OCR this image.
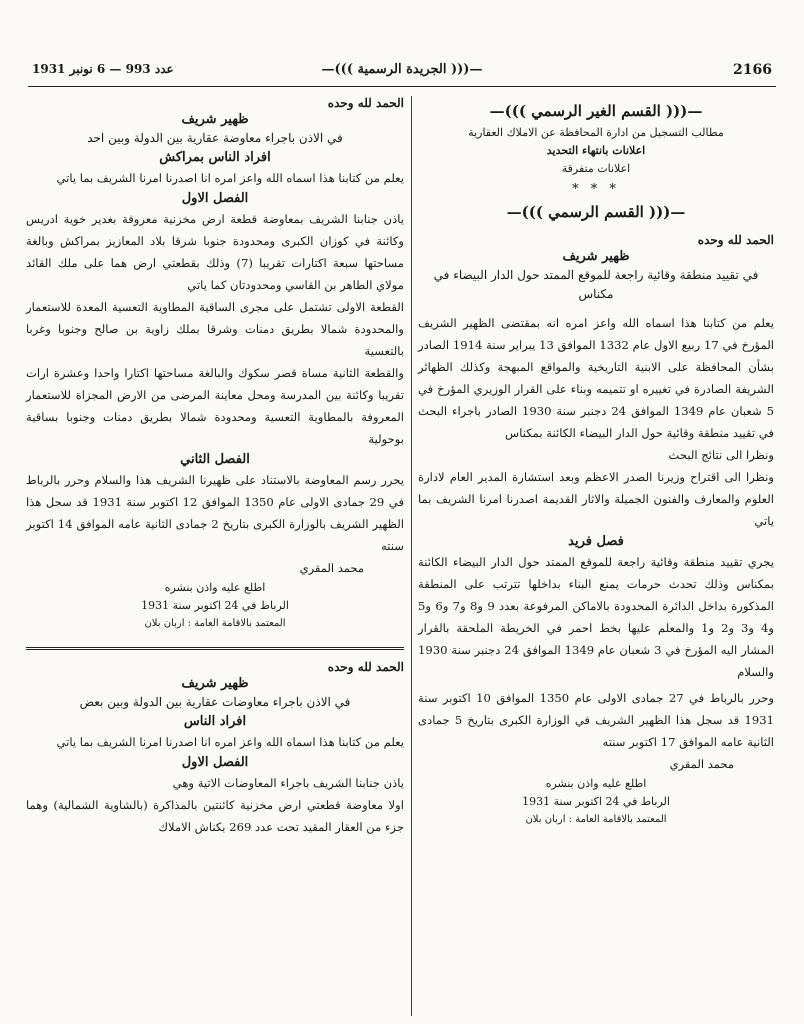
عدد 993 — 6 نونبر 1931	—((( الجريدة الرسمية )))—	2166
—((( القسم الغير الرسمي )))—
مطالب التسجيل من ادارة المحافظة عن الاملاك العقارية
اعلانات بانتهاء التحديد
اعلانات متفرقة
* * *
—((( القسم الرسمي )))—
الحمد لله وحده
ظهير شريف
في تقييد منطقة وقائية راجعة للموقع الممتد حول الدار البيضاء في مكناس

يعلم من كتابنا هذا اسماه الله واعز امره انه بمقتضى الظهير الشريف المؤرخ في 17 ربيع الاول عام 1332 الموافق 13 يبراير سنة 1914 الصادر بشأن المحافظة على الابنية التاريخية والمواقع المبهجة وكذلك الظهائر الشريفة الصادرة في تغييره او تتميمه وبناء على القرار الوزيري المؤرخ في 5 شعبان عام 1349 الموافق 24 دجنبر سنة 1930 الصادر باجراء البحث في تقييد منطقة وقائية حول الدار البيضاء الكائنة بمكناس

ونظرا الى نتائج البحث

ونظرا الى اقتراح وزيرنا الصدر الاعظم وبعد استشارة المدير العام لادارة العلوم والمعارف والفنون الجميلة والاثار القديمة اصدرنا امرنا الشريف بما ياتي

فصل فريد

يجري تقييد منطقة وقائية راجعة للموقع الممتد حول الدار البيضاء الكائنة بمكناس وذلك تحدث حرمات يمنع البناء بداخلها تترتب على المنطقة المذكورة بداخل الدائرة المحدودة بالاماكن المرفوعة بعدد 9 و8 و7 و6 و5 و4 و3 و2 و1 والمعلم عليها بخط احمر في الخريطة الملحقة بالقرار المشار اليه المؤرخ في 3 شعبان عام 1349 الموافق 24 دجنبر سنة 1930 والسلام

وحرر بالرباط في 27 جمادى الاولى عام 1350 الموافق 10 اكتوبر سنة 1931 قد سجل هذا الظهير الشريف في الوزارة الكبرى بتاريخ 5 جمادى الثانية عامه الموافق 17 اكتوبر سنته

محمد المقري
اطلع عليه واذن بنشره
الرباط في 24 اكتوبر سنة 1931
المعتمد بالاقامة العامة : اربان بلان
الحمد لله وحده
ظهير شريف
في الاذن باجراء معاوضة عقارية بين الدولة وبين احد
افراد الناس بمراكش

يعلم من كتابنا هذا اسماه الله واعز امره انا اصدرنا امرنا الشريف بما ياتي

الفصل الاول

ياذن جنابنا الشريف بمعاوضة قطعة ارض مخزنية معروفة بغدير خوية ادريس وكائنة في كوزان الكبرى ومحدودة جنوبا شرقا بلاد المعازيز بمراكش وبالغة مساحتها سبعة اكتارات تقريبا (7) وذلك بقطعتي ارض هما على ملك القائد مولاي الطاهر بن القاسي ومحدودتان كما ياتي

القطعة الاولى تشتمل على مجرى الساقية المطاوية التعسية المعدة للاستعمار والمحدودة شمالا بطريق دمنات وشرقا بملك زاوية بن صالح وجنوبا وغربا بالتعسية

والقطعة الثانية مساة قصر سكوك والبالغة مساحتها اكتارا واحدا وعشرة ارات تقريبا وكائنة بين المدرسة ومحل معاينة المرضى من الارض المجزاة للاستعمار المعروفة بالمطاوية التعسية ومحدودة شمالا بطريق دمنات وجنوبا بساقية بوحولية

الفصل الثاني

يحرر رسم المعاوضة بالاستناد على ظهيرنا الشريف هذا والسلام وحرر بالرباط في 29 جمادى الاولى عام 1350 الموافق 12 اكتوبر سنة 1931 قد سجل هذا الظهير الشريف بالوزارة الكبرى بتاريخ 2 جمادى الثانية عامه الموافق 14 اكتوبر سنته

محمد المقري
اطلع عليه واذن بنشره
الرباط في 24 اكتوبر سنة 1931
المعتمد بالاقامة العامة : اربان بلان
الحمد لله وحده
ظهير شريف
في الاذن باجراء معاوضات عقارية بين الدولة وبين بعض
افراد الناس

يعلم من كتابنا هذا اسماه الله واعز امره انا اصدرنا امرنا الشريف بما ياتي

الفصل الاول

ياذن جنابنا الشريف باجراء المعاوضات الاتية وهي

اولا معاوضة قطعتي ارض مخزنية كائنتين بالمذاكرة (بالشاوية الشمالية) وهما جزء من العقار المقيد تحت عدد 269 بكناش الاملاك
